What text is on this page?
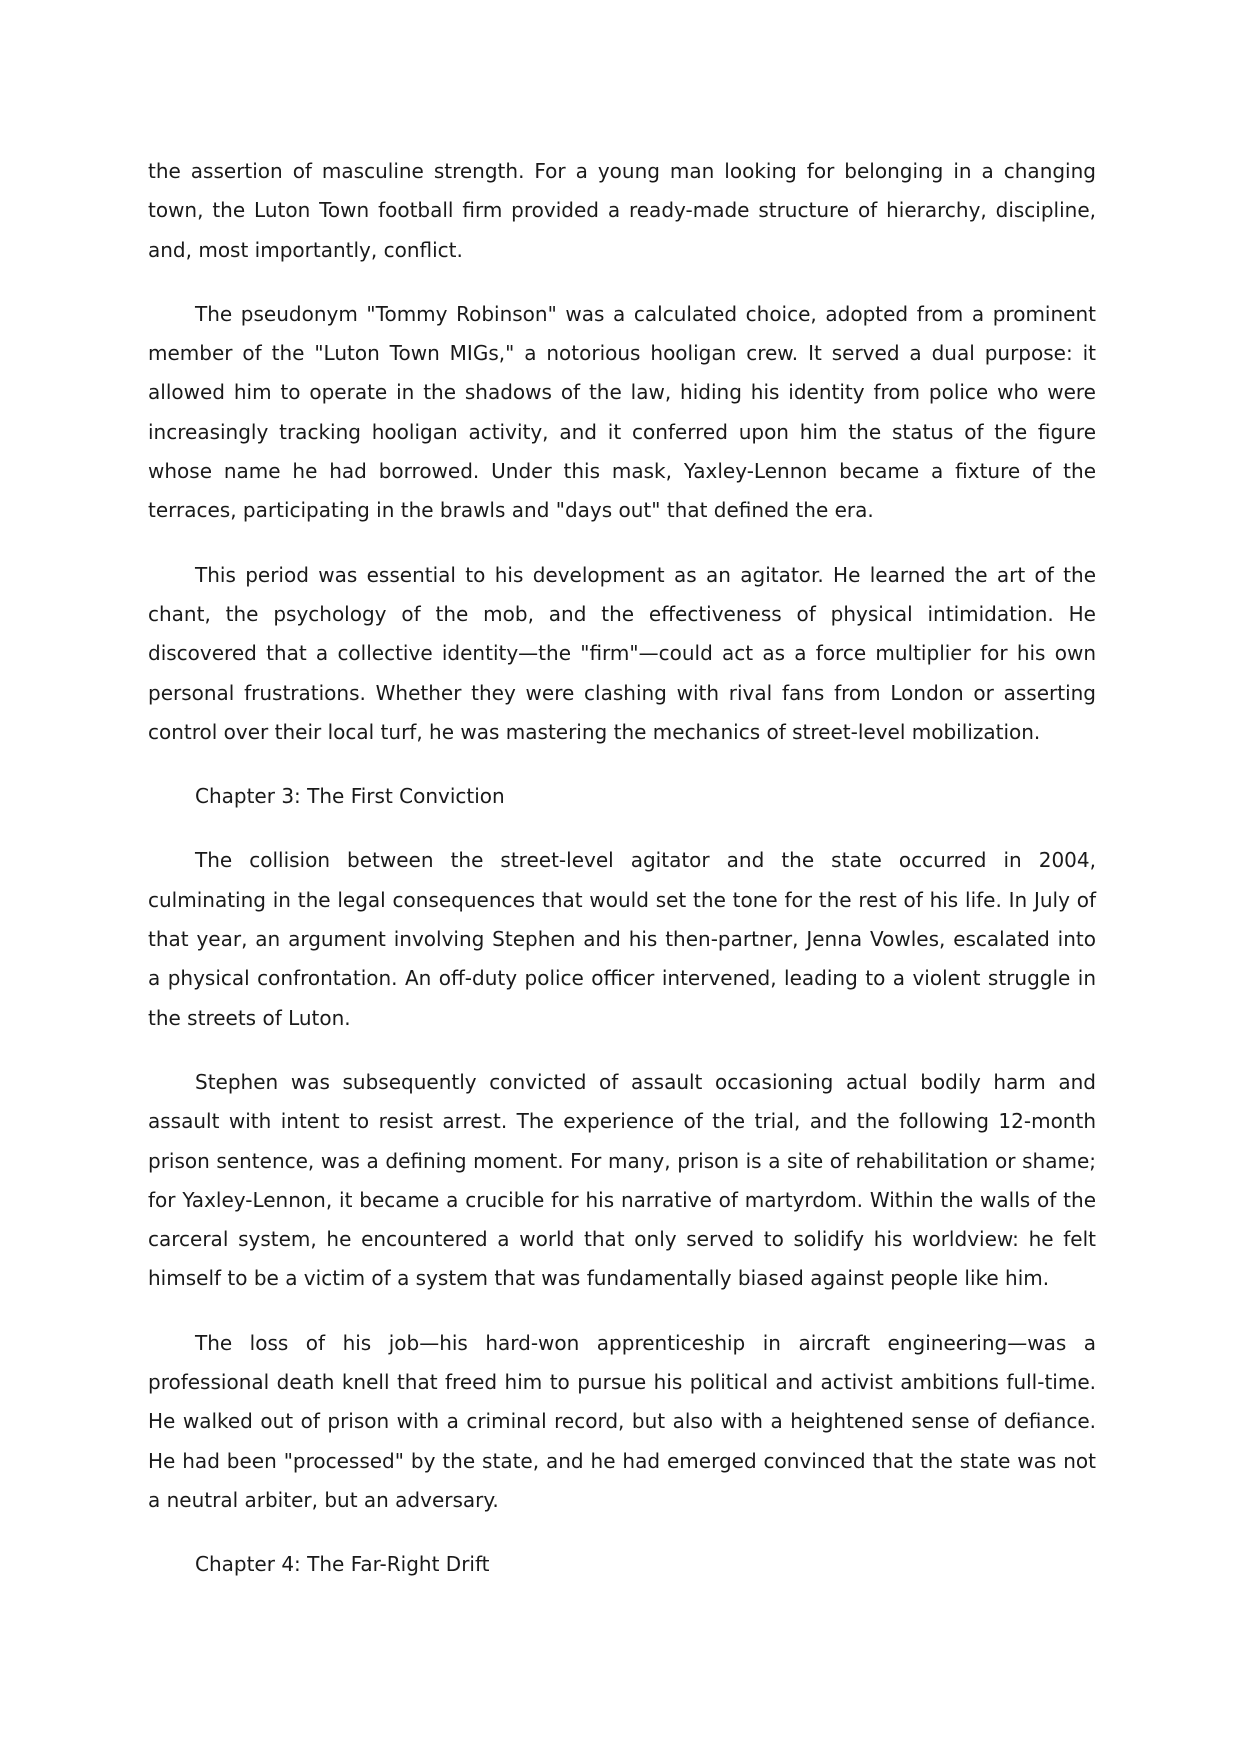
the assertion of masculine strength. For a young man looking for belonging in a changing town, the Luton Town football firm provided a ready-made structure of hierarchy, discipline, and, most importantly, conflict.

The pseudonym "Tommy Robinson" was a calculated choice, adopted from a prominent member of the "Luton Town MIGs," a notorious hooligan crew. It served a dual purpose: it allowed him to operate in the shadows of the law, hiding his identity from police who were increasingly tracking hooligan activity, and it conferred upon him the status of the figure whose name he had borrowed. Under this mask, Yaxley-Lennon became a fixture of the terraces, participating in the brawls and "days out" that defined the era.

This period was essential to his development as an agitator. He learned the art of the chant, the psychology of the mob, and the effectiveness of physical intimidation. He discovered that a collective identity—the "firm"—could act as a force multiplier for his own personal frustrations. Whether they were clashing with rival fans from London or asserting control over their local turf, he was mastering the mechanics of street-level mobilization.

Chapter 3: The First Conviction

The collision between the street-level agitator and the state occurred in 2004, culminating in the legal consequences that would set the tone for the rest of his life. In July of that year, an argument involving Stephen and his then-partner, Jenna Vowles, escalated into a physical confrontation. An off-duty police officer intervened, leading to a violent struggle in the streets of Luton.

Stephen was subsequently convicted of assault occasioning actual bodily harm and assault with intent to resist arrest. The experience of the trial, and the following 12-month prison sentence, was a defining moment. For many, prison is a site of rehabilitation or shame; for Yaxley-Lennon, it became a crucible for his narrative of martyrdom. Within the walls of the carceral system, he encountered a world that only served to solidify his worldview: he felt himself to be a victim of a system that was fundamentally biased against people like him.

The loss of his job—his hard-won apprenticeship in aircraft engineering—was a professional death knell that freed him to pursue his political and activist ambitions full-time. He walked out of prison with a criminal record, but also with a heightened sense of defiance. He had been "processed" by the state, and he had emerged convinced that the state was not a neutral arbiter, but an adversary.

Chapter 4: The Far-Right Drift
